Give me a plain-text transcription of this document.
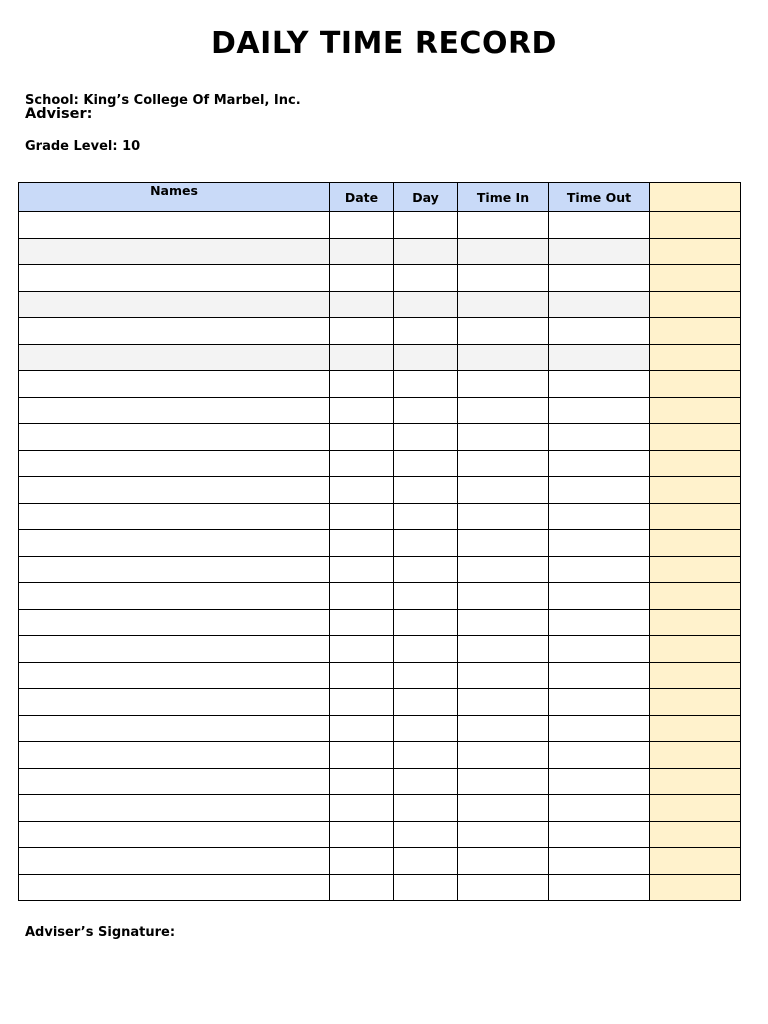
DAILY TIME RECORD
School: King’s College Of Marbel, Inc.
Adviser:
Grade Level: 10
Names	Date	Day	Time In	Time Out	

Adviser’s Signature:
